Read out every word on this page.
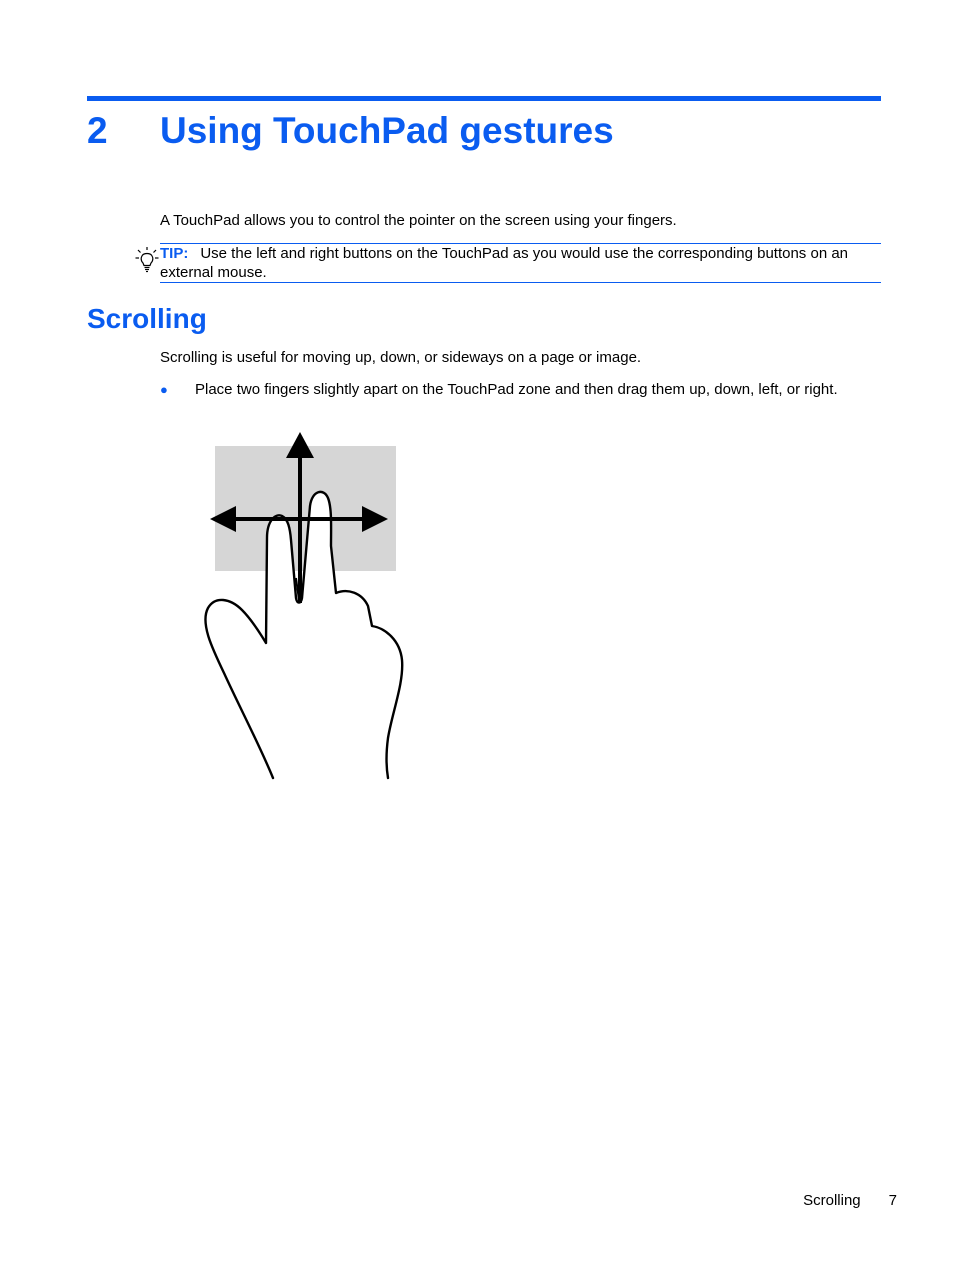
2 Using TouchPad gestures
A TouchPad allows you to control the pointer on the screen using your fingers.
TIP: Use the left and right buttons on the TouchPad as you would use the corresponding buttons on an external mouse.
Scrolling
Scrolling is useful for moving up, down, or sideways on a page or image.
● Place two fingers slightly apart on the TouchPad zone and then drag them up, down, left, or right.
Scrolling 7
